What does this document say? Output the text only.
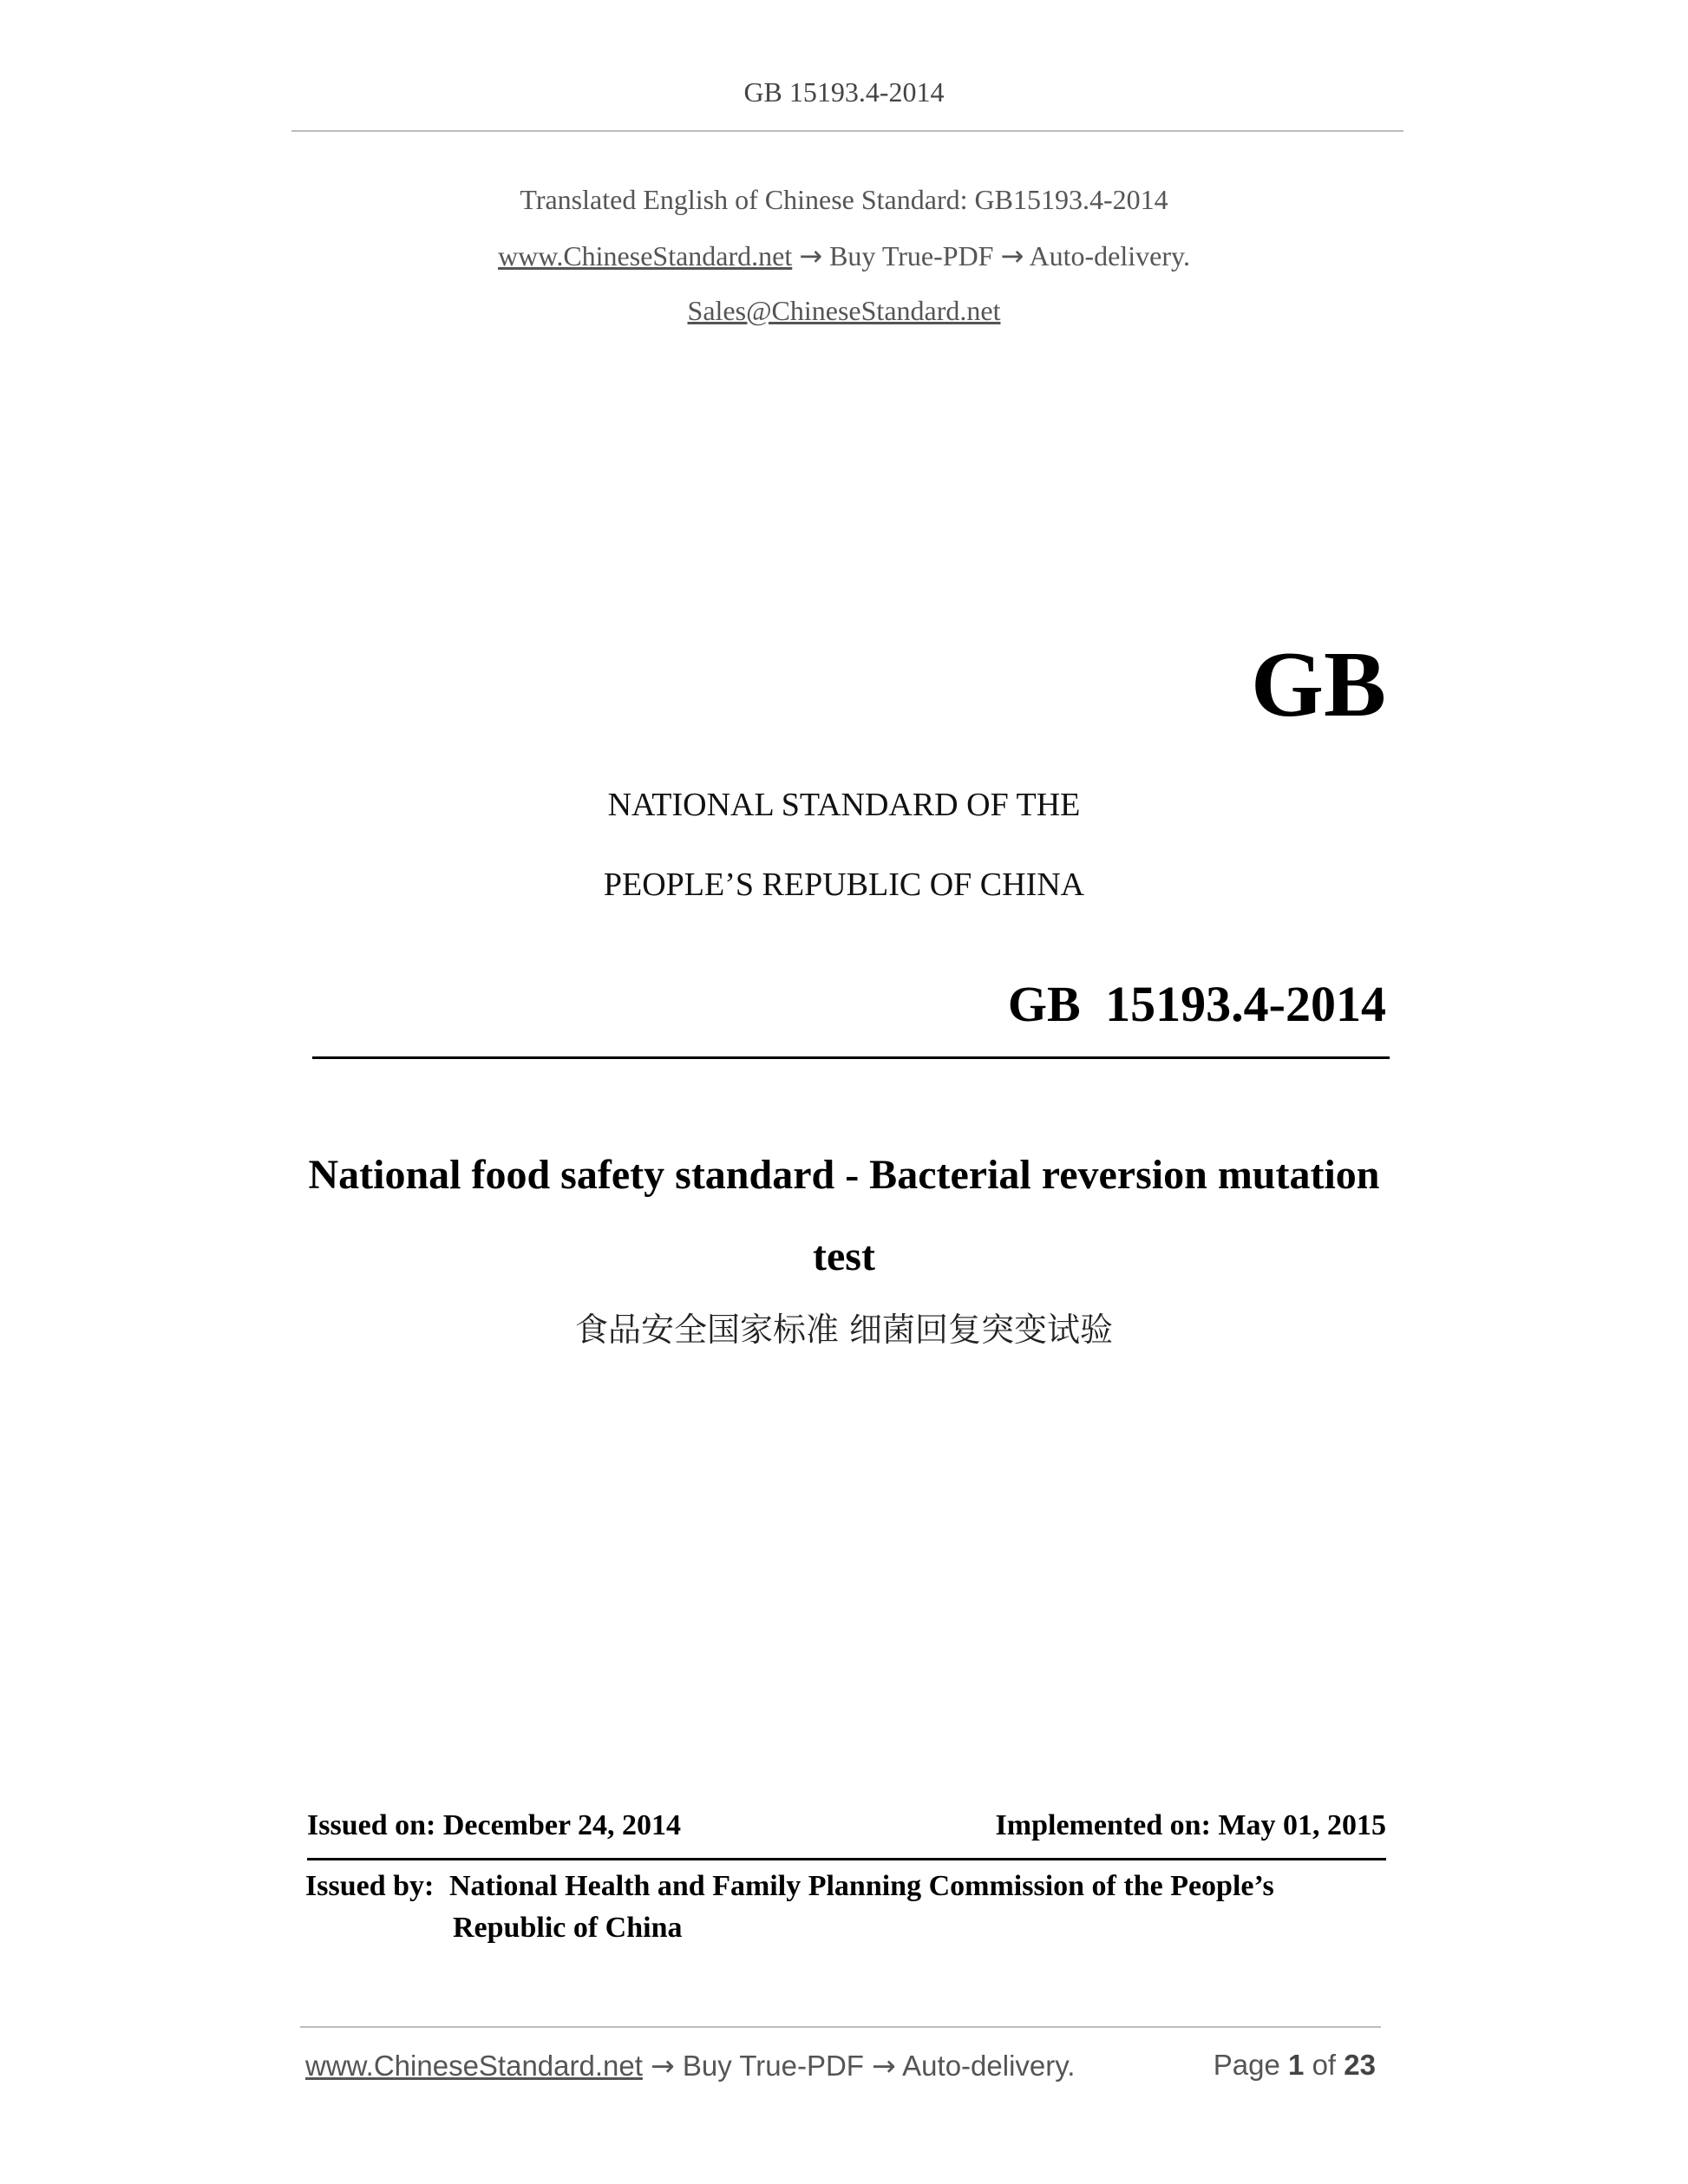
GB 15193.4-2014
Translated English of Chinese Standard: GB15193.4-2014
www.ChineseStandard.net → Buy True-PDF → Auto-delivery.
Sales@ChineseStandard.net
GB
NATIONAL STANDARD OF THE
PEOPLE’S REPUBLIC OF CHINA
GB 15193.4-2014
National food safety standard - Bacterial reversion mutation
test
食品安全国家标准 细菌回复突变试验
Issued on: December 24, 2014	Implemented on: May 01, 2015
Issued by: National Health and Family Planning Commission of the People’s
Republic of China
www.ChineseStandard.net → Buy True-PDF → Auto-delivery.	Page 1 of 23
